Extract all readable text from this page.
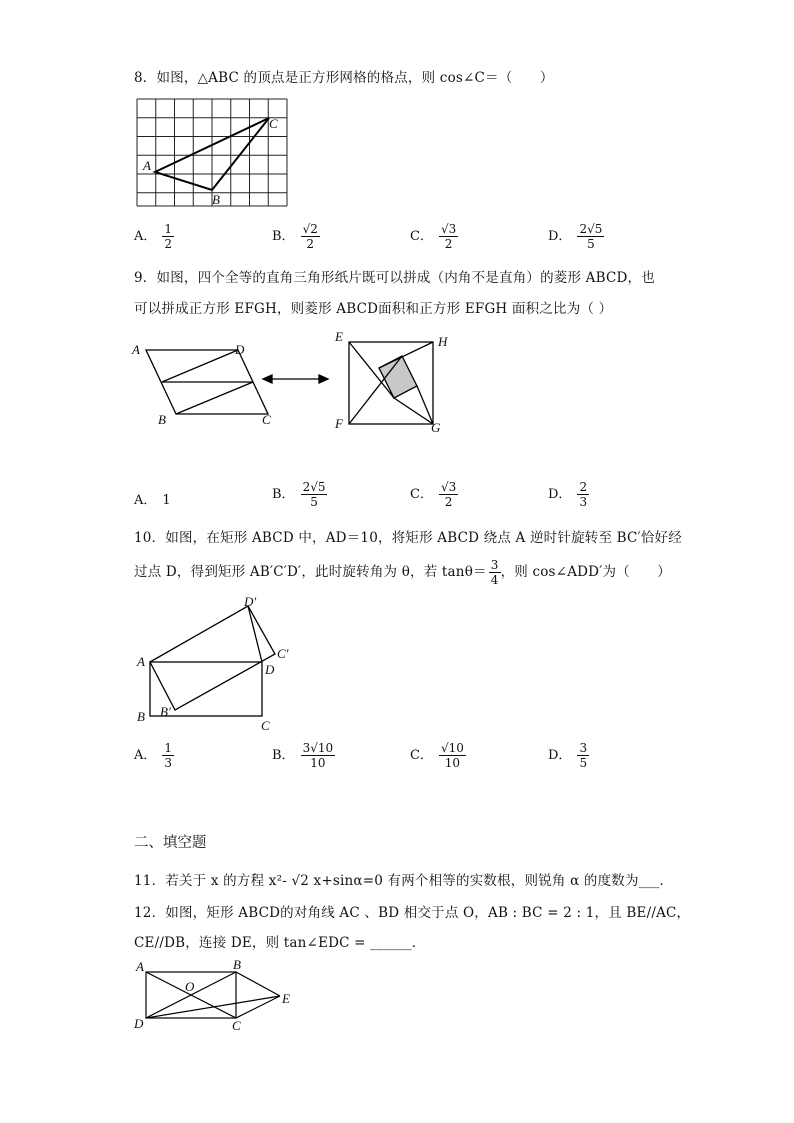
8．如图，△ABC 的顶点是正方形网格的格点，则 cos∠C＝（　　）
A
C
B
A． $\frac{1}{2}$	B． $\frac{√2}{2}$	C． $\frac{√3}{2}$	D． $\frac{2√5}{5}$
9．如图，四个全等的直角三角形纸片既可以拼成（内角不是直角）的菱形 ABCD，也
可以拼成正方形 EFGH，则菱形 ABCD面积和正方形 EFGH 面积之比为（ ）
A	D
B	C
E	H
F	G
A． 1	B． $\frac{2√5}{5}$	C． $\frac{√3}{2}$	D． $\frac{2}{3}$
10．如图，在矩形 ABCD 中，AD＝10，将矩形 ABCD 绕点 A 逆时针旋转至 BC′恰好经
过点 D，得到矩形 AB′C′D′，此时旋转角为 θ，若 $\tan\theta= \frac{3}{4}$ ，则 cos∠ADD′为（　　）
A
D′
C′
D
B B′
C
A． $\frac{1}{3}$	B． $\frac{3√10}{10}$	C． $\frac{√10}{10}$	D． $\frac{3}{5}$
二、填空题
11．若关于 x 的方程 x²- √2 x+sinα=0 有两个相等的实数根，则锐角 α 的度数为___．
12．如图，矩形 ABCD的对角线 AC 、BD 相交于点 O，AB : BC = 2 : 1，且 BE//AC，
CE//DB，连接 DE，则 tan∠EDC = ______．
A	B
O
E
D	C
